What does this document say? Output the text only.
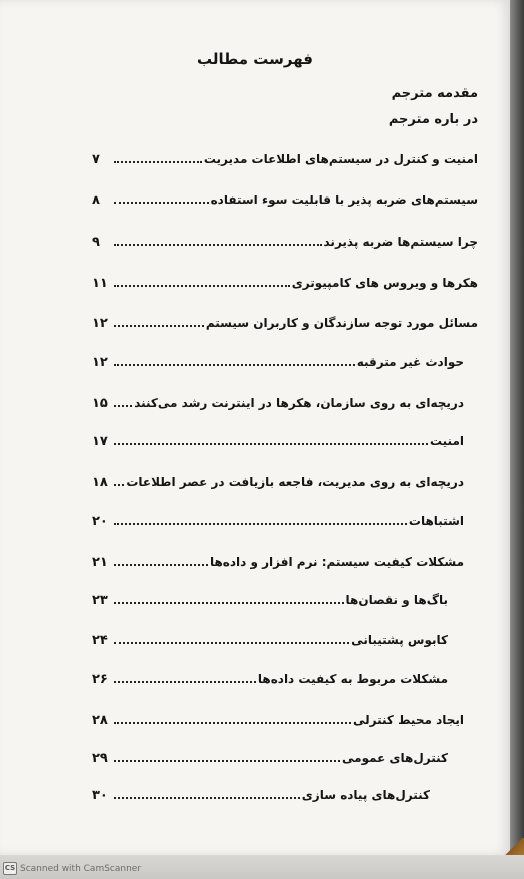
فهرست مطالب
مقدمه مترجم
در باره مترجم
امنیت و کنترل در سیستم‌های اطلاعات مدیریت
۷
سیستم‌های ضربه پذیر با قابلیت سوء استفاده
۸
چرا سیستم‌ها ضربه پذیرند
۹
هکرها و ویروس های کامپیوتری
۱۱
مسائل مورد توجه سازندگان و کاربران سیستم
۱۲
حوادث غیر مترقبه
۱۲
دریچه‌ای به روی سازمان، هکرها در اینترنت رشد می‌کنند
۱۵
امنیت
۱۷
دریچه‌ای به روی مدیریت، فاجعه بازیافت در عصر اطلاعات
۱۸
اشتباهات
۲۰
مشکلات کیفیت سیستم: نرم افزار و داده‌ها
۲۱
باگ‌ها و نقصان‌ها
۲۳
کابوس پشتیبانی
۲۴
مشکلات مربوط به کیفیت داده‌ها
۲۶
ایجاد محیط کنترلی
۲۸
کنترل‌های عمومی
۲۹
کنترل‌های پیاده سازی
۳۰
CS Scanned with CamScanner
